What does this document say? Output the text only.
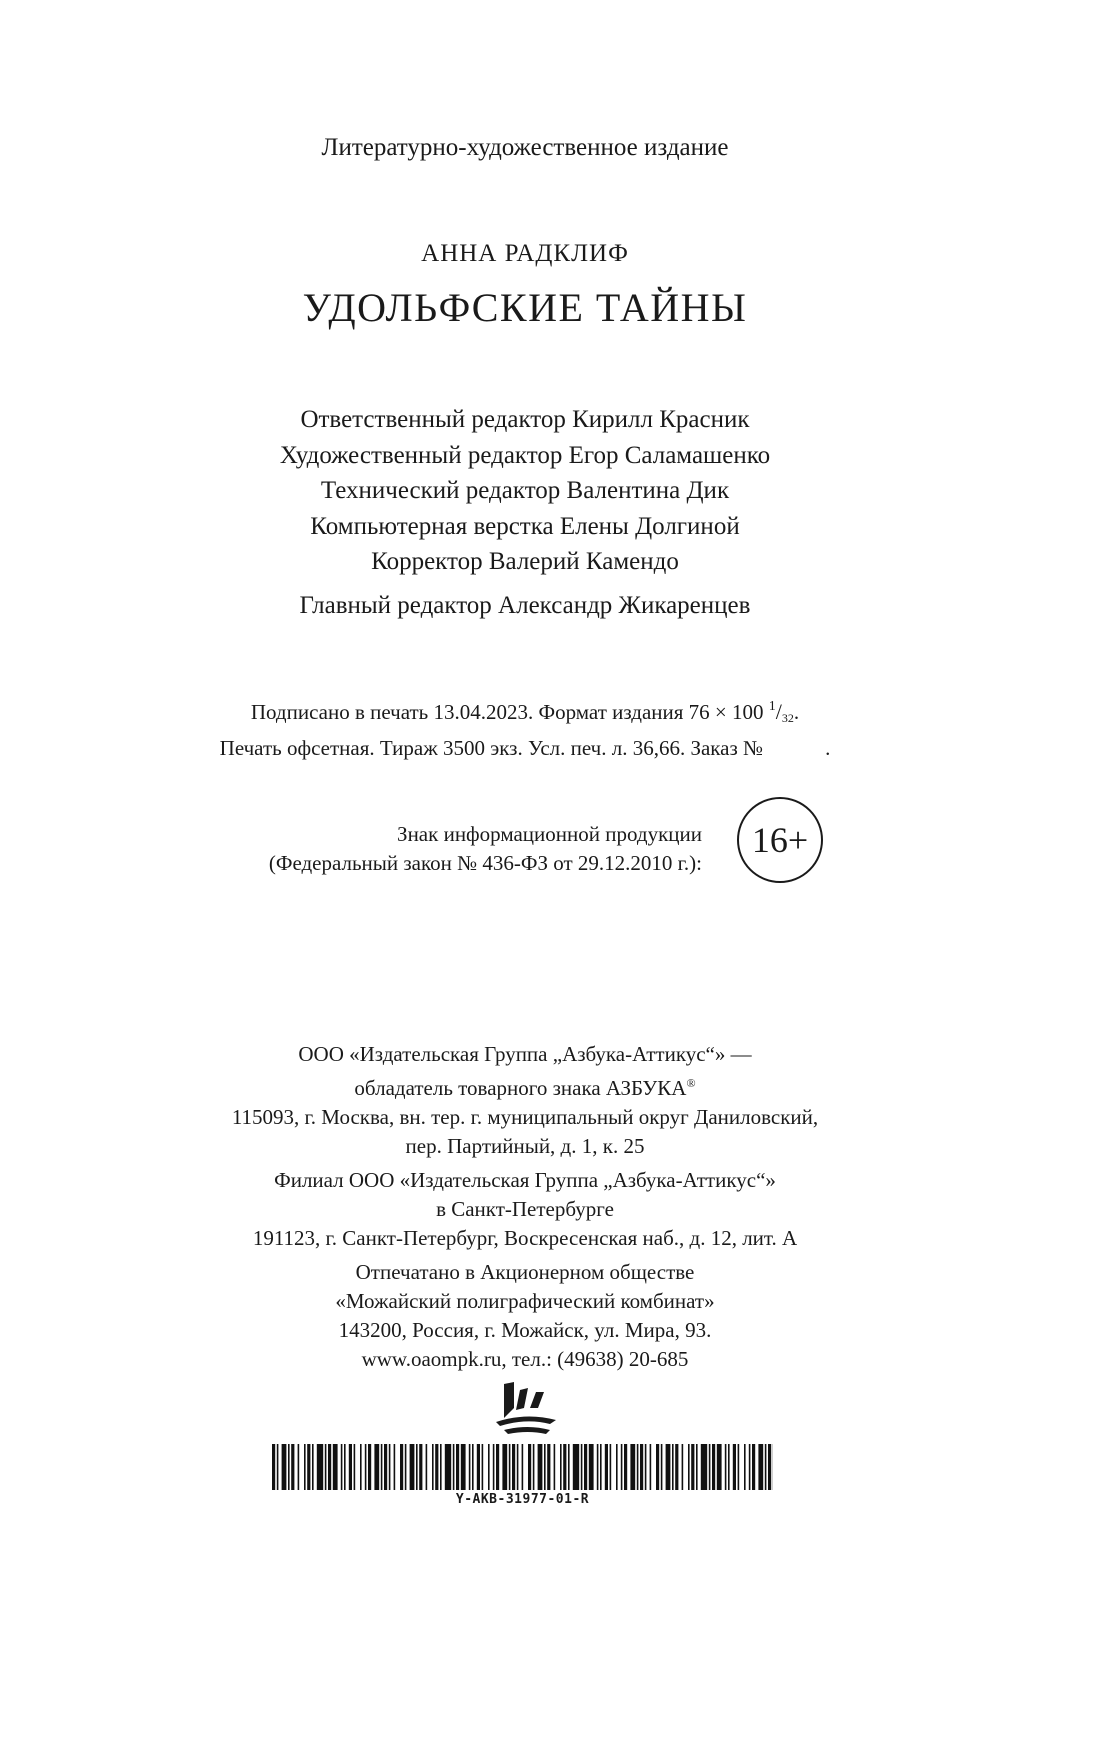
Литературно-художественное издание
АННА РАДКЛИФ
УДОЛЬФСКИЕ ТАЙНЫ
Ответственный редактор Кирилл Красник
Художественный редактор Егор Саламашенко
Технический редактор Валентина Дик
Компьютерная верстка Елены Долгиной
Корректор Валерий Камендо
Главный редактор Александр Жикаренцев
Подписано в печать 13.04.2023. Формат издания 76 × 100 $^1$/32.
Печать офсетная. Тираж 3500 экз. Усл. печ. л. 36,66. Заказ №	.
Знак информационной продукции
(Федеральный закон № 436-ФЗ от 29.12.2010 г.):
16+
ООО «Издательская Группа „Азбука-Аттикус“» —
обладатель товарного знака АЗБУКА®
115093, г. Москва, вн. тер. г. муниципальный округ Даниловский,
пер. Партийный, д. 1, к. 25
Филиал ООО «Издательская Группа „Азбука-Аттикус“»
в Санкт-Петербурге
191123, г. Санкт-Петербург, Воскресенская наб., д. 12, лит. А
Отпечатано в Акционерном обществе
«Можайский полиграфический комбинат»
143200, Россия, г. Можайск, ул. Мира, 93.
www.oaompk.ru, тел.: (49638) 20-685
Y-AKB-31977-01-R
